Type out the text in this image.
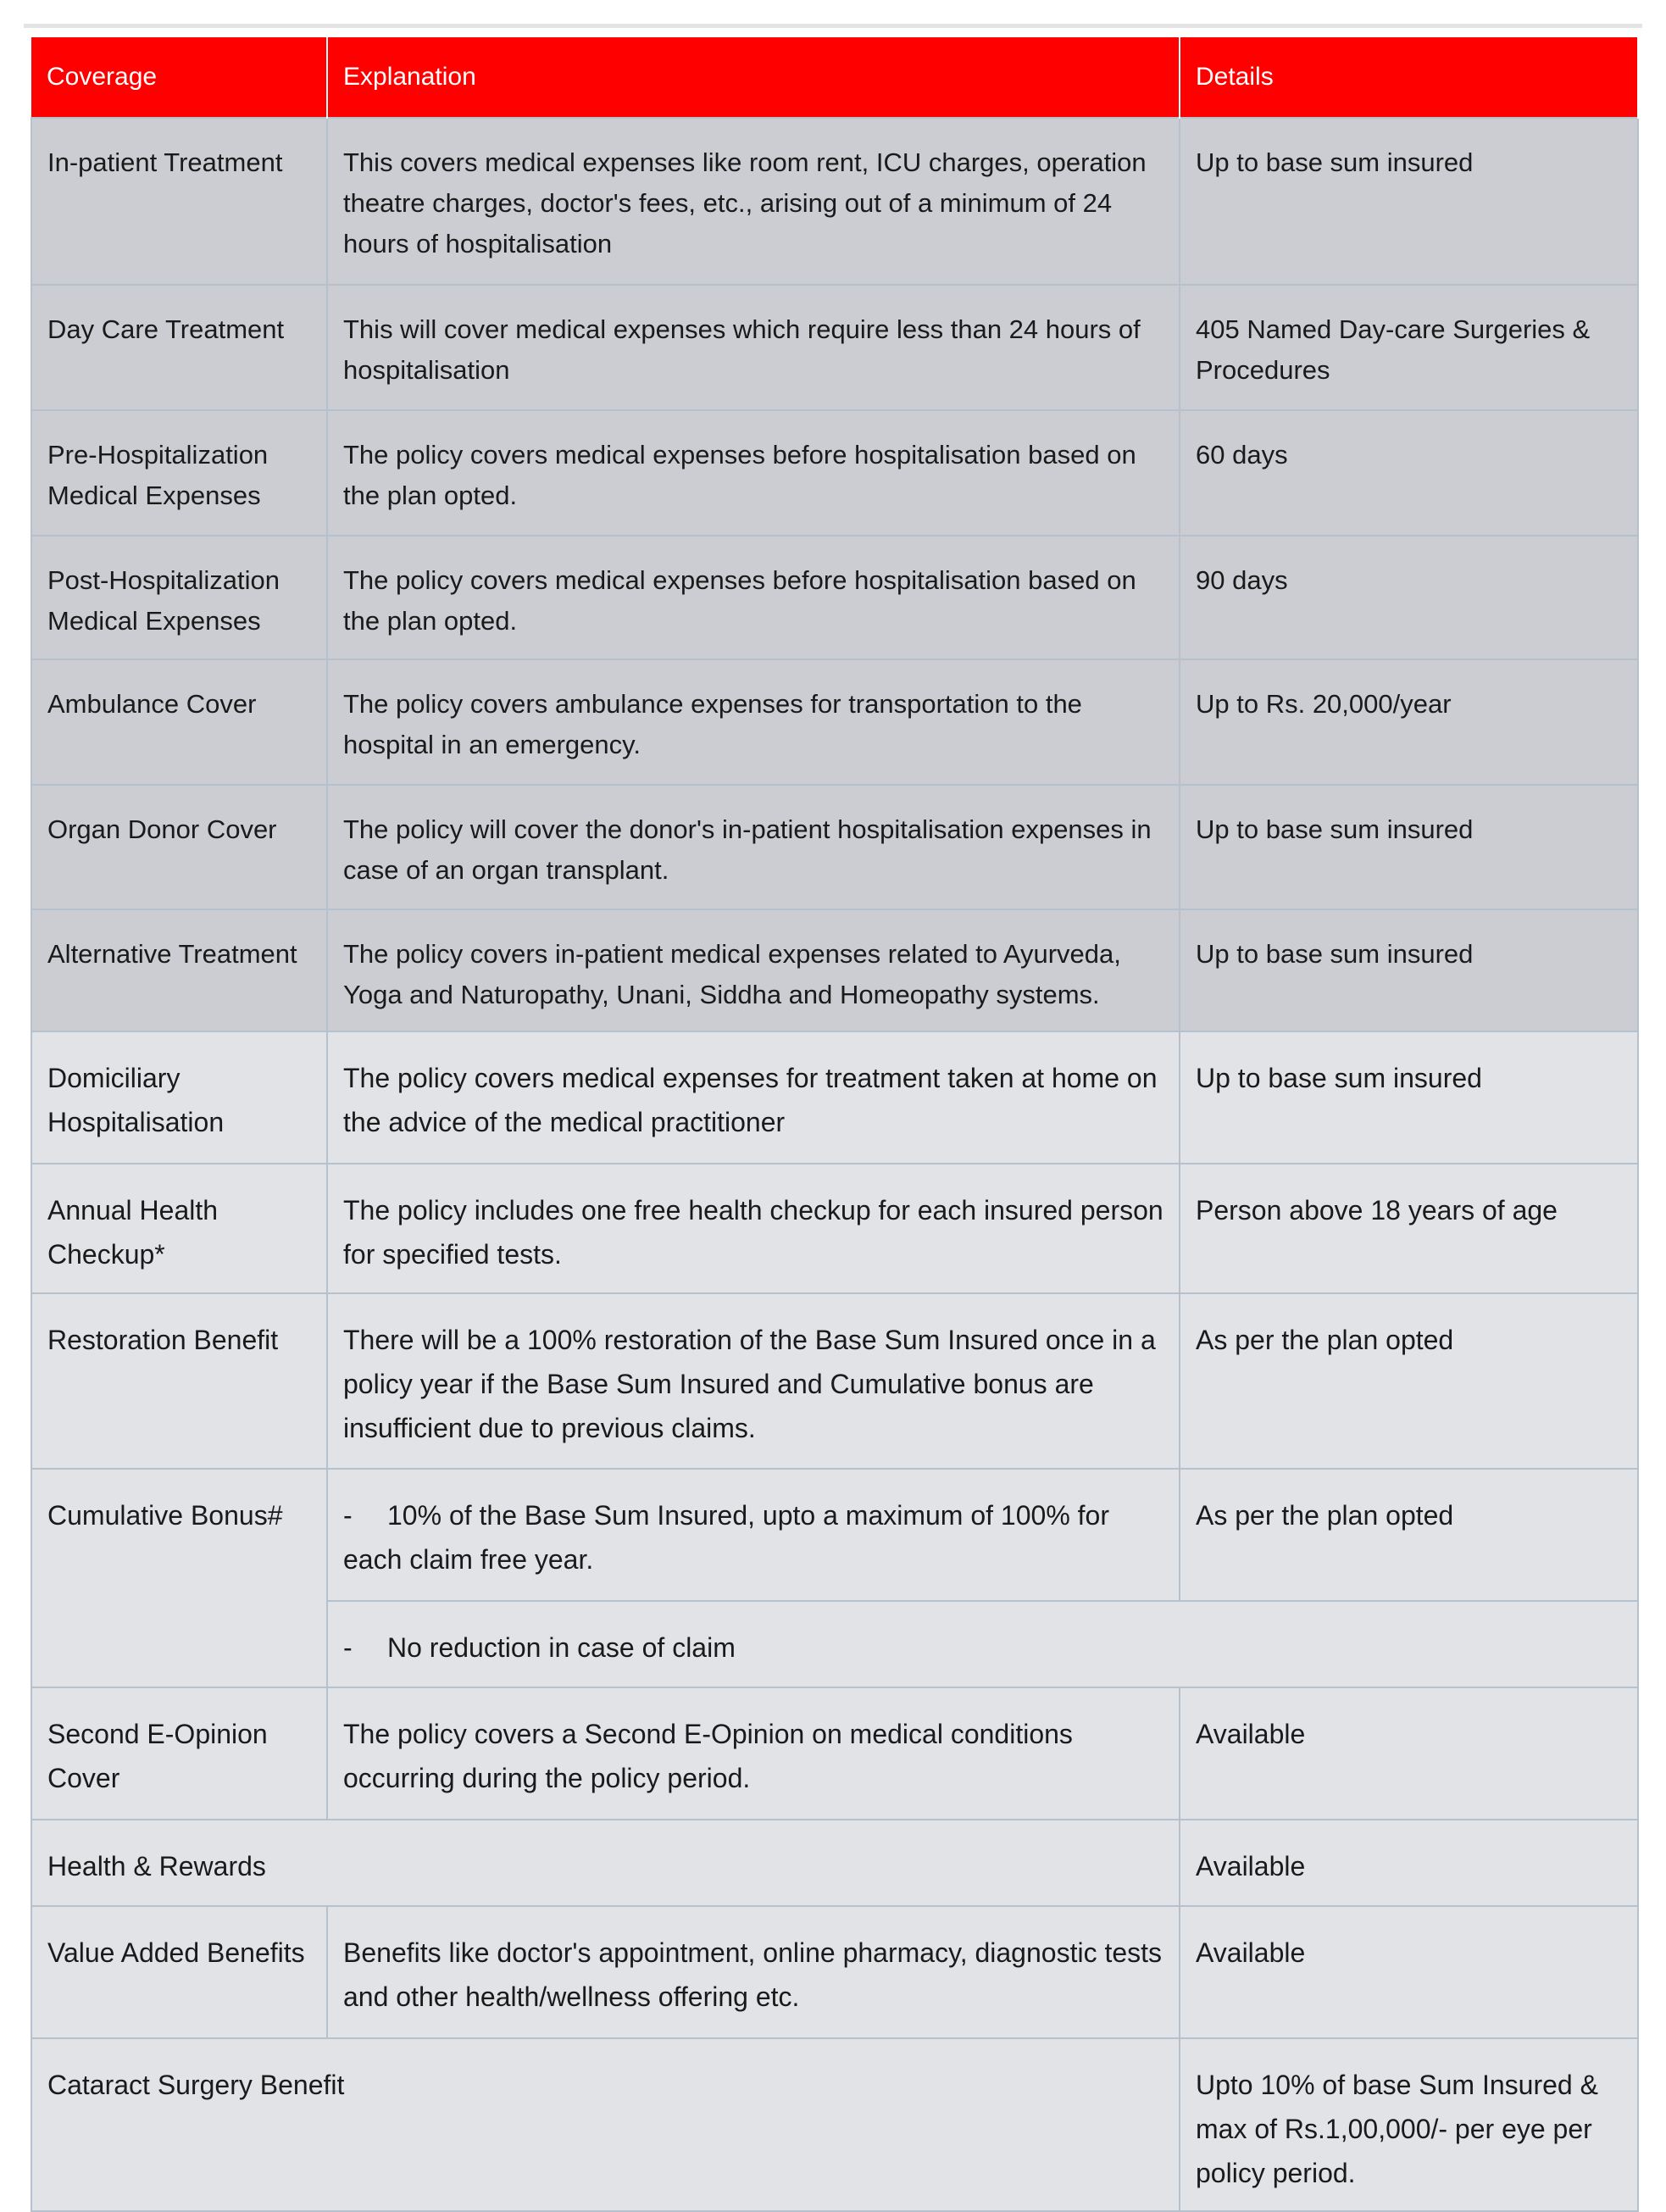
Coverage	Explanation	Details
In-patient Treatment	This covers medical expenses like room rent, ICU charges, operation theatre charges, doctor's fees, etc., arising out of a minimum of 24 hours of hospitalisation	Up to base sum insured
Day Care Treatment	This will cover medical expenses which require less than 24 hours of hospitalisation	405 Named Day-care Surgeries & Procedures
Pre-Hospitalization Medical Expenses	The policy covers medical expenses before hospitalisation based on the plan opted.	60 days
Post-Hospitalization Medical Expenses	The policy covers medical expenses before hospitalisation based on the plan opted.	90 days
Ambulance Cover	The policy covers ambulance expenses for transportation to the hospital in an emergency.	Up to Rs. 20,000/year
Organ Donor Cover	The policy will cover the donor's in-patient hospitalisation expenses in case of an organ transplant.	Up to base sum insured
Alternative Treatment	The policy covers in-patient medical expenses related to Ayurveda, Yoga and Naturopathy, Unani, Siddha and Homeopathy systems.	Up to base sum insured
Domiciliary Hospitalisation	The policy covers medical expenses for treatment taken at home on the advice of the medical practitioner	Up to base sum insured
Annual Health Checkup*	The policy includes one free health checkup for each insured person for specified tests.	Person above 18 years of age
Restoration Benefit	There will be a 100% restoration of the Base Sum Insured once in a policy year if the Base Sum Insured and Cumulative bonus are insufficient due to previous claims.	As per the plan opted
Cumulative Bonus#	- 10% of the Base Sum Insured, upto a maximum of 100% for each claim free year.	As per the plan opted
	- No reduction in case of claim	
Second E-Opinion Cover	The policy covers a Second E-Opinion on medical conditions occurring during the policy period.	Available
Health & Rewards		Available
Value Added Benefits	Benefits like doctor's appointment, online pharmacy, diagnostic tests and other health/wellness offering etc.	Available
Cataract Surgery Benefit		Upto 10% of base Sum Insured & max of Rs.1,00,000/- per eye per policy period.
